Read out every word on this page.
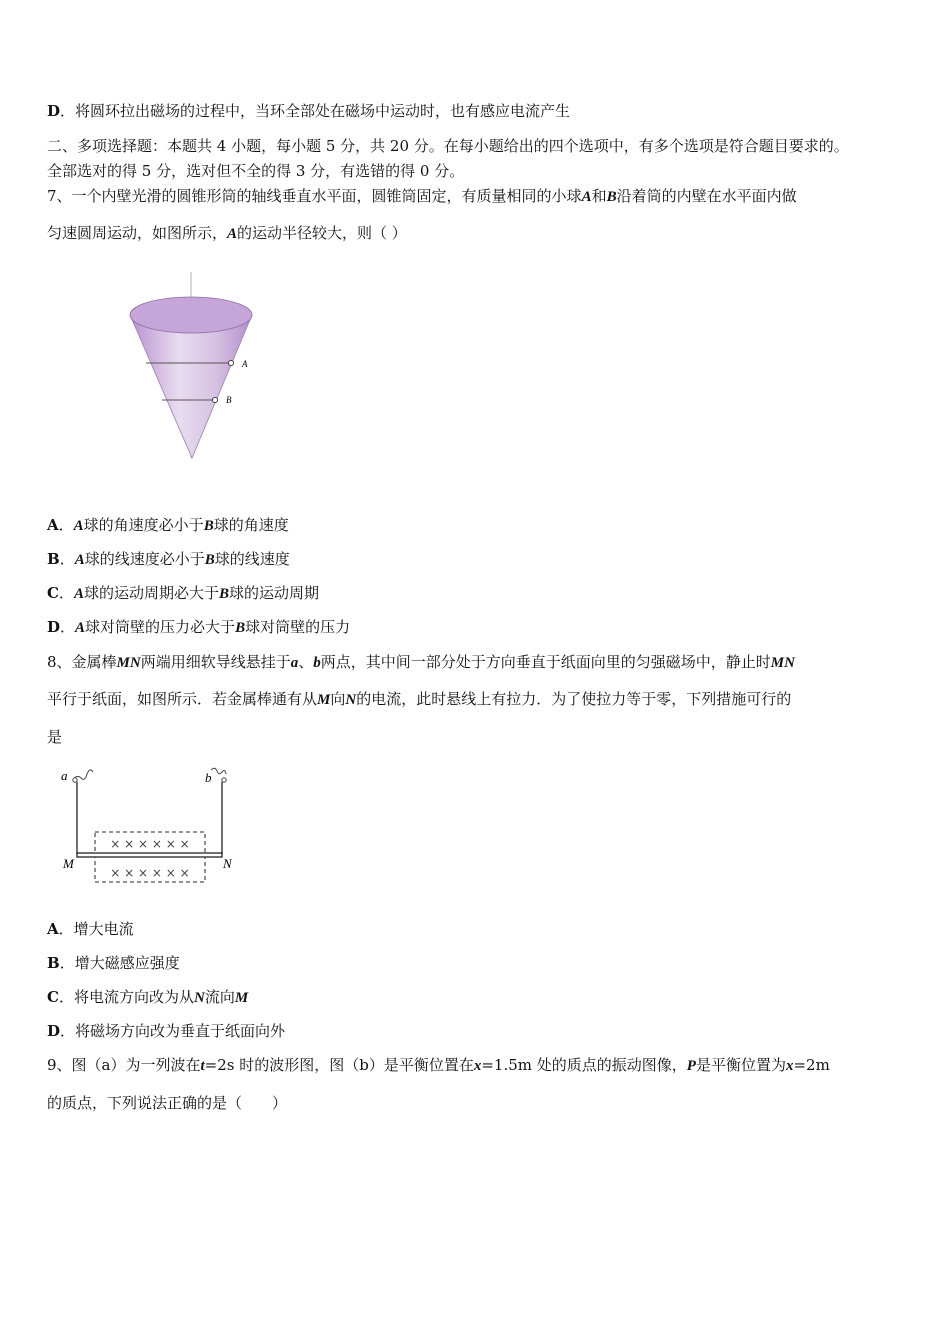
D．将圆环拉出磁场的过程中，当环全部处在磁场中运动时，也有感应电流产生
二、多项选择题：本题共 4 小题，每小题 5 分，共 20 分。在每小题给出的四个选项中，有多个选项是符合题目要求的。
全部选对的得 5 分，选对但不全的得 3 分，有选错的得 0 分。
7、一个内壁光滑的圆锥形筒的轴线垂直水平面，圆锥筒固定，有质量相同的小球A和B沿着筒的内壁在水平面内做
匀速圆周运动，如图所示，A的运动半径较大，则（ ）
A
B
A．A球的角速度必小于B球的角速度
B．A球的线速度必小于B球的线速度
C．A球的运动周期必大于B球的运动周期
D．A球对筒壁的压力必大于B球对筒壁的压力
8、金属棒MN两端用细软导线悬挂于a、b两点，其中间一部分处于方向垂直于纸面向里的匀强磁场中，静止时MN
平行于纸面，如图所示．若金属棒通有从M向N的电流，此时悬线上有拉力．为了使拉力等于零，下列措施可行的
是
a	b
× × × × × ×
× × × × × ×
M	N
A．增大电流
B．增大磁感应强度
C．将电流方向改为从N流向M
D．将磁场方向改为垂直于纸面向外
9、图（a）为一列波在t=2s 时的波形图，图（b）是平衡位置在x=1.5m 处的质点的振动图像，P是平衡位置为x=2m
的质点，下列说法正确的是（　　）
